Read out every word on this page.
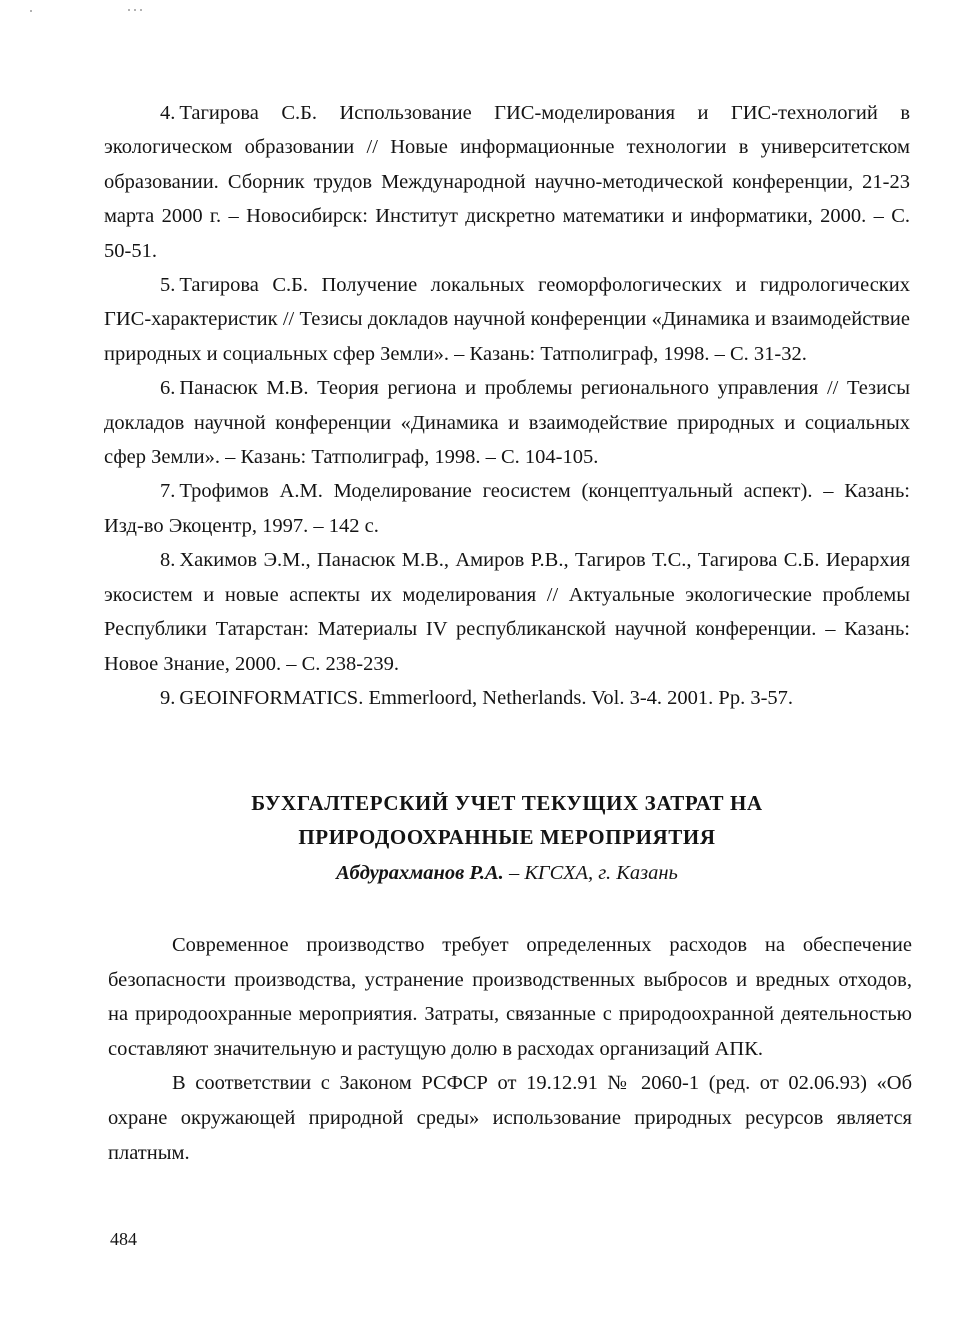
4. Тагирова С.Б. Использование ГИС-моделирования и ГИС-технологий в экологическом образовании // Новые информационные технологии в университетском образовании. Сборник трудов Международной научно-методической конференции, 21-23 марта 2000 г. – Новосибирск: Институт дискретно математики и информатики, 2000. – С. 50-51.

5. Тагирова С.Б. Получение локальных геоморфологических и гидрологических ГИС-характеристик // Тезисы докладов научной конференции «Динамика и взаимодействие природных и социальных сфер Земли». – Казань: Татполиграф, 1998. – С. 31-32.

6. Панасюк М.В. Теория региона и проблемы регионального управления // Тезисы докладов научной конференции «Динамика и взаимодействие природных и социальных сфер Земли». – Казань: Татполиграф, 1998. – С. 104-105.

7. Трофимов А.М. Моделирование геосистем (концептуальный аспект). – Казань: Изд-во Экоцентр, 1997. – 142 с.

8. Хакимов Э.М., Панасюк М.В., Амиров Р.В., Тагиров Т.С., Тагирова С.Б. Иерархия экосистем и новые аспекты их моделирования // Актуальные экологические проблемы Республики Татарстан: Материалы IV республиканской научной конференции. – Казань: Новое Знание, 2000. – С. 238-239.

9. GEOINFORMATICS. Emmerloord, Netherlands. Vol. 3-4. 2001. Pp. 3-57.

БУХГАЛТЕРСКИЙ УЧЕТ ТЕКУЩИХ ЗАТРАТ НА
ПРИРОДООХРАННЫЕ МЕРОПРИЯТИЯ
Абдурахманов Р.А. – КГСХА, г. Казань

Современное производство требует определенных расходов на обеспечение безопасности производства, устранение производственных выбросов и вредных отходов, на природоохранные мероприятия. Затраты, связанные с природоохранной деятельностью составляют значительную и растущую долю в расходах организаций АПК.

В соответствии с Законом РСФСР от 19.12.91 № 2060-1 (ред. от 02.06.93) «Об охране окружающей природной среды» использование природных ресурсов является платным.

484
